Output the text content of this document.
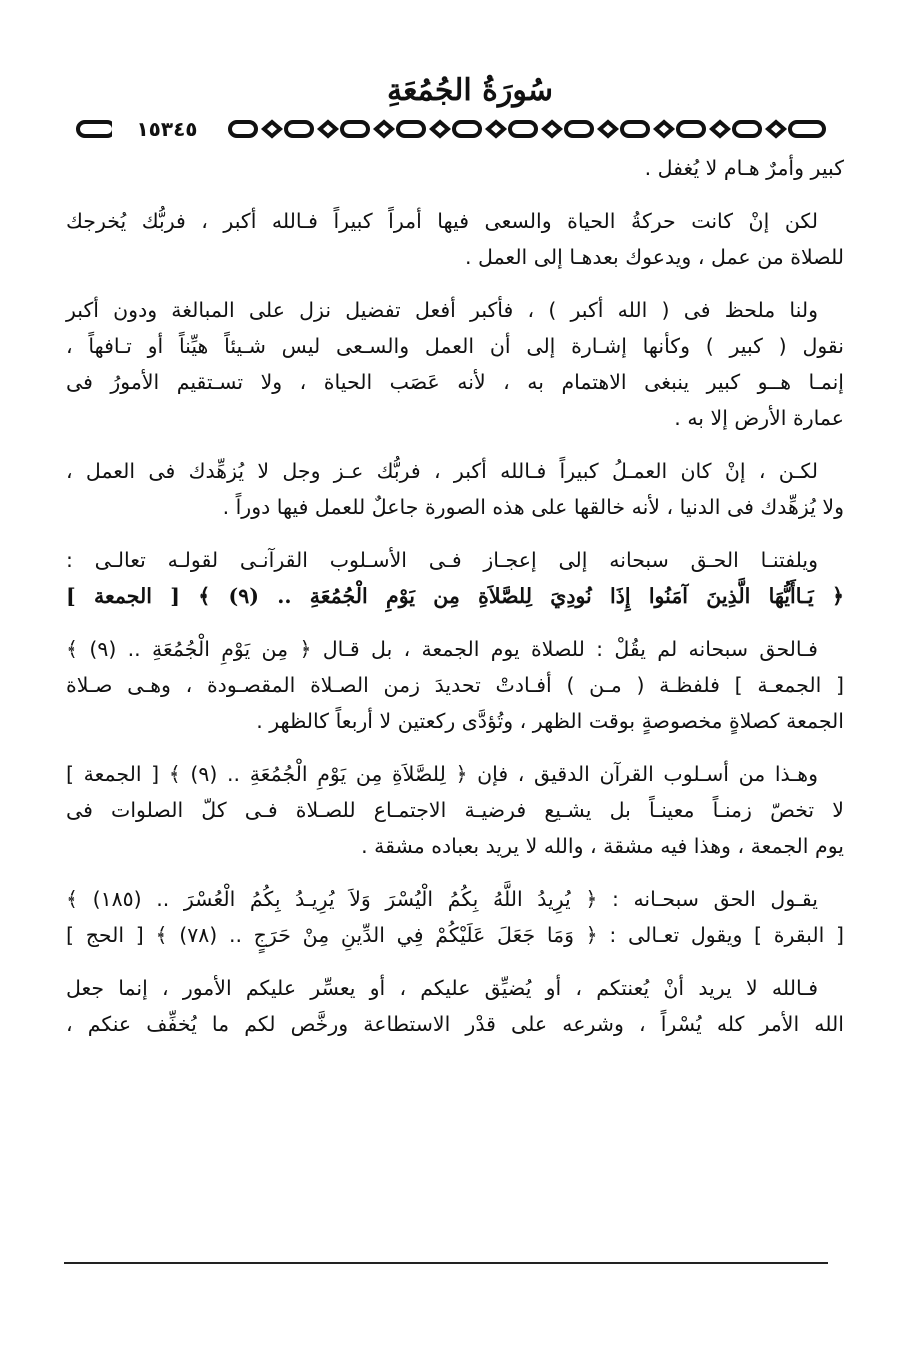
سُورَةُ الجُمُعَةِ
١٥٣٤٥
كبير وأمرٌ هـام لا يُغفل .
لكن إنْ كانت حركةُ الحياة والسعى فيها أمراً كبيراً فـالله أكبر ، فربُّك يُخرجك
للصلاة من عمل ، ويدعوك بعدهـا إلى العمل .
ولنا ملحظ فى ( الله أكبر ) ، فأكبر أفعل تفضيل نزل على المبالغة ودون أكبر
نقول ( كبير ) وكأنها إشـارة إلى أن العمل والسـعى ليس شـيئاً هيِّناً أو تـافهاً ،
إنمـا هــو كبير ينبغى الاهتمام به ، لأنه عَصَب الحياة ، ولا تسـتقيم الأمورُ فى
عمارة الأرض إلا به .
لكـن ، إنْ كان العمـلُ كبيراً فـالله أكبر ، فربُّك عـز وجل لا يُزهِّدك فى العمل ،
ولا يُزهِّدك فى الدنيا ، لأنه خالقها على هذه الصورة جاعلٌ للعمل فيها دوراً .
ويلفتنـا الحـق سبحانه إلى إعجـاز فـى الأسـلوب القرآنـى لقولـه تعالـى :
﴿ يَـاأَيُّهَا الَّذِينَ آمَنُوا إِذَا نُودِيَ لِلصَّلاَةِ مِن يَوْمِ الْجُمُعَةِ .. (٩) ﴾ [ الجمعة ]
فـالحق سبحانه لم يقُلْ : للصلاة يوم الجمعة ، بل قـال ﴿ مِن يَوْمِ الْجُمُعَةِ .. (٩) ﴾
[ الجمعـة ] فلفظـة ( مـن ) أفـادتْ تحديدَ زمن الصـلاة المقصـودة ، وهـى صـلاة
الجمعة كصلاةٍ مخصوصةٍ بوقت الظهر ، وتُؤدَّى ركعتين لا أربعاً كالظهر .
وهـذا من أسـلوب القرآن الدقيق ، فإن ﴿ لِلصَّلاَةِ مِن يَوْمِ الْجُمُعَةِ .. (٩) ﴾ [ الجمعة ]
لا تخصّ زمنـاً معينـاً بل يشـيع فرضيـة الاجتمـاع للصـلاة فـى كلّ الصلوات فى
يوم الجمعة ، وهذا فيه مشقة ، والله لا يريد بعباده مشقة .
يقـول الحق سبحـانه : ﴿ يُرِيدُ اللَّهُ بِكُمُ الْيُسْرَ وَلاَ يُرِيـدُ بِكُمُ الْعُسْرَ .. (١٨٥) ﴾
[ البقرة ] ويقول تعـالى : ﴿ وَمَا جَعَلَ عَلَيْكُمْ فِي الدِّينِ مِنْ حَرَجٍ .. (٧٨) ﴾ [ الحج ]
فـالله لا يريد أنْ يُعنتكم ، أو يُضيِّق عليكم ، أو يعسِّر عليكم الأمور ، إنما جعل
الله الأمر كله يُسْراً ، وشرعه على قدْر الاستطاعة ورخَّص لكم ما يُخفِّف عنكم ،
